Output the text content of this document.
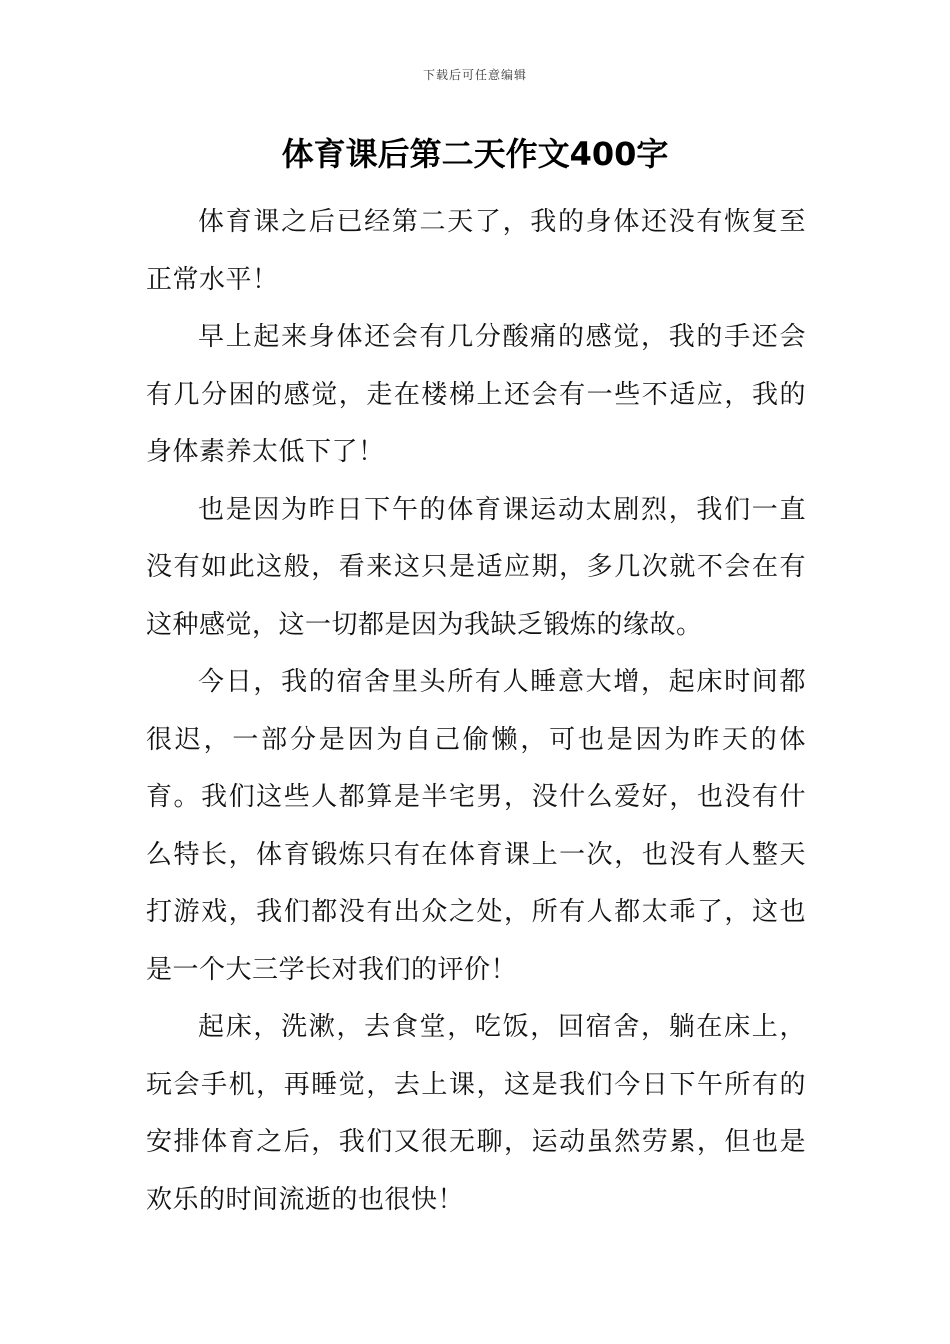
下载后可任意编辑
体育课后第二天作文400字

体育课之后已经第二天了，我的身体还没有恢复至正常水平！

早上起来身体还会有几分酸痛的感觉，我的手还会有几分困的感觉，走在楼梯上还会有一些不适应，我的身体素养太低下了！

也是因为昨日下午的体育课运动太剧烈，我们一直没有如此这般，看来这只是适应期，多几次就不会在有这种感觉，这一切都是因为我缺乏锻炼的缘故。

今日，我的宿舍里头所有人睡意大增，起床时间都很迟，一部分是因为自己偷懒，可也是因为昨天的体育。我们这些人都算是半宅男，没什么爱好，也没有什么特长，体育锻炼只有在体育课上一次，也没有人整天打游戏，我们都没有出众之处，所有人都太乖了，这也是一个大三学长对我们的评价！

起床，洗漱，去食堂，吃饭，回宿舍，躺在床上，玩会手机，再睡觉，去上课，这是我们今日下午所有的安排体育之后，我们又很无聊，运动虽然劳累，但也是欢乐的时间流逝的也很快！
